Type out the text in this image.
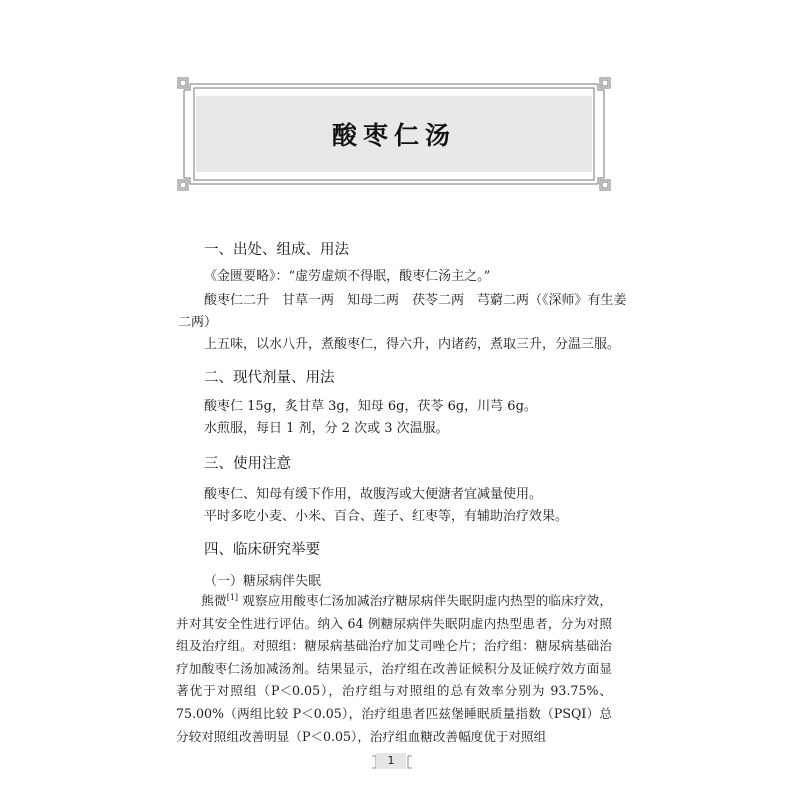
酸枣仁汤
一、出处、组成、用法
《金匮要略》：“虚劳虚烦不得眠，酸枣仁汤主之。”
酸枣仁二升　甘草一两　知母二两　茯苓二两　芎藭二两（《深师》有生姜
二两）
上五味，以水八升，煮酸枣仁，得六升，内诸药，煮取三升，分温三服。
二、现代剂量、用法
酸枣仁 15g，炙甘草 3g，知母 6g，茯苓 6g，川芎 6g。
水煎服，每日 1 剂，分 2 次或 3 次温服。
三、使用注意
酸枣仁、知母有缓下作用，故腹泻或大便溏者宜减量使用。
平时多吃小麦、小米、百合、莲子、红枣等，有辅助治疗效果。
四、临床研究举要
（一）糖尿病伴失眠

熊微[1] 观察应用酸枣仁汤加减治疗糖尿病伴失眠阴虚内热型的临床疗效，并对其安全性进行评估。纳入 64 例糖尿病伴失眠阴虚内热型患者，分为对照组及治疗组。对照组：糖尿病基础治疗加艾司唑仑片；治疗组：糖尿病基础治疗加酸枣仁汤加减汤剂。结果显示，治疗组在改善证候积分及证候疗效方面显著优于对照组（P＜0.05），治疗组与对照组的总有效率分别为 93.75%、75.00%（两组比较 P＜0.05），治疗组患者匹兹堡睡眠质量指数（PSQI）总分较对照组改善明显（P＜0.05），治疗组血糖改善幅度优于对照组

1
